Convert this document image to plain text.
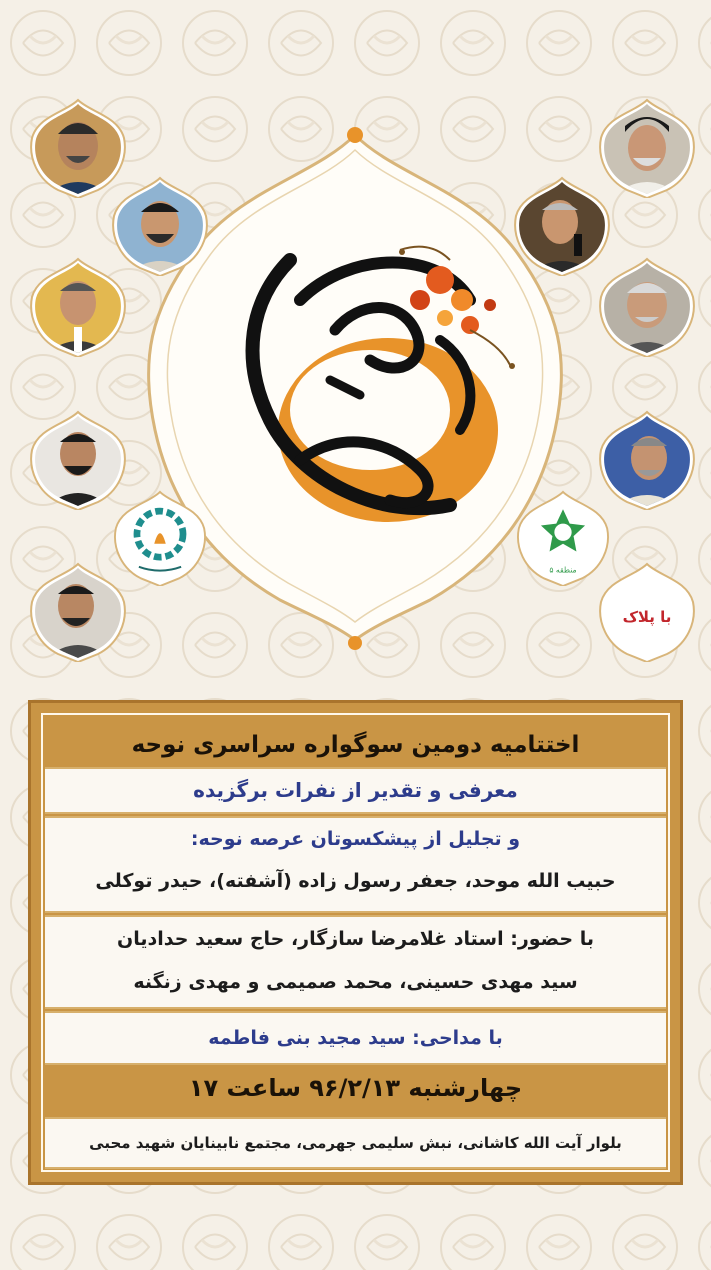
منطقه ۵
با پلاک
اختتامیه دومین سوگواره سراسری نوحه
معرفی و تقدیر از نفرات برگزیده
و تجلیل از پیشکسوتان عرصه نوحه:
حبیب الله موحد، جعفر رسول زاده (آشفته)، حیدر توکلی
با حضور: استاد غلامرضا سازگار، حاج سعید حدادیان
سید مهدی حسینی، محمد صمیمی و مهدی زنگنه
با مداحی: سید مجید بنی فاطمه
چهارشنبه ۹۶/۲/۱۳ ساعت ۱۷
بلوار آیت الله کاشانی، نبش سلیمی جهرمی، مجتمع نابینایان شهید محبی
